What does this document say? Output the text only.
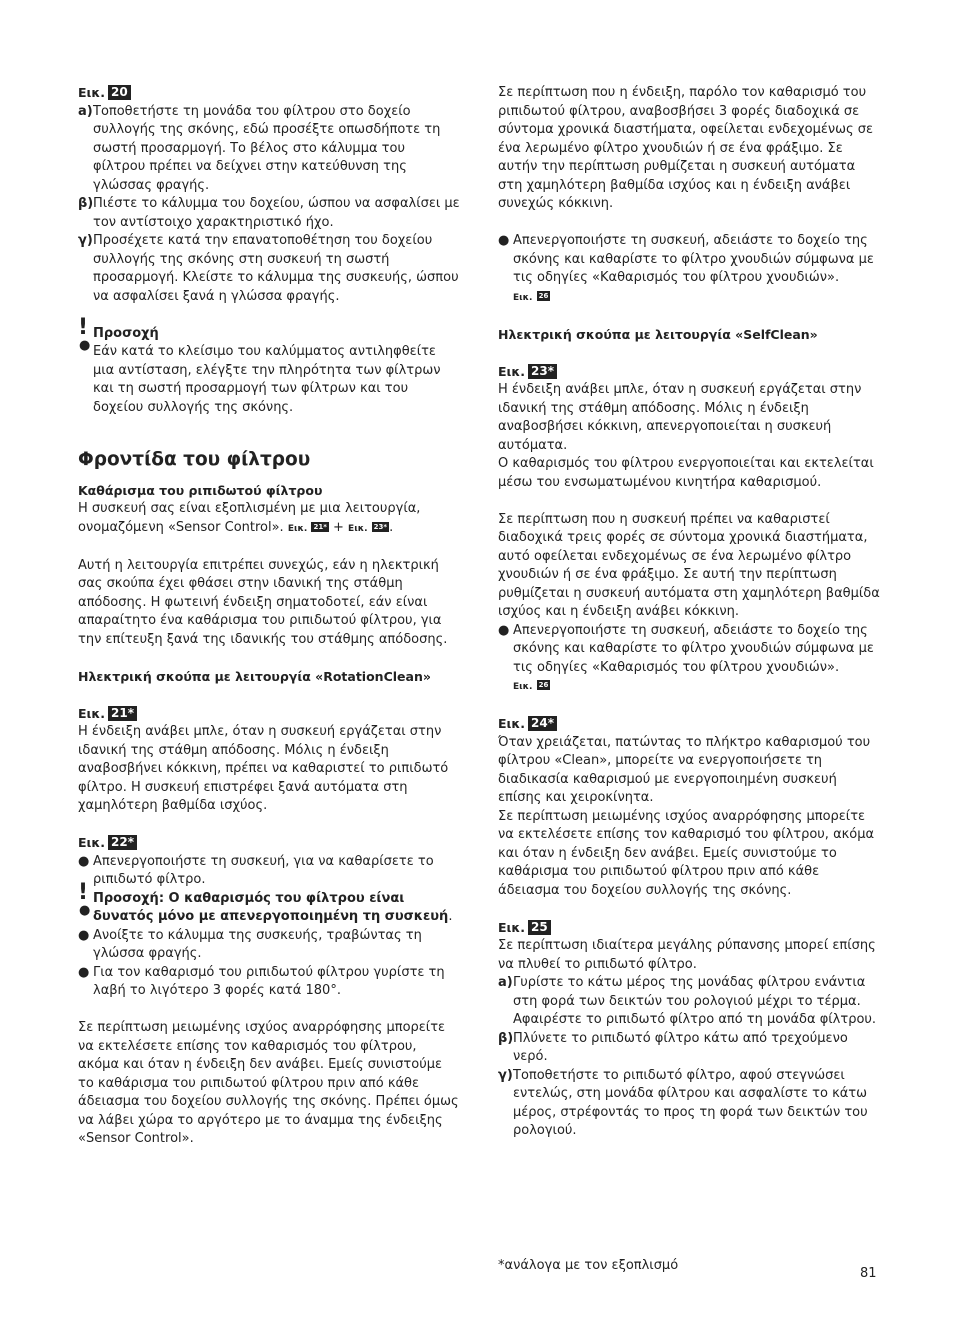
Εικ. 20

a) Τοποθετήστε τη μονάδα του φίλτρου στο δοχείο συλλογής της σκόνης, εδώ προσέξτε οπωσδήποτε τη σωστή προσαρμογή. Το βέλος στο κάλυμμα του φίλτρου πρέπει να δείχνει στην κατεύθυνση της γλώσσας φραγής.
β) Πιέστε το κάλυμμα του δοχείου, ώσπου να ασφαλίσει με τον αντίστοιχο χαρακτηριστικό ήχο.
γ) Προσέχετε κατά την επανατοποθέτηση του δοχείου συλλογής της σκόνης στη συσκευή τη σωστή προσαρμογή. Κλείστε το κάλυμμα της συσκευής, ώσπου να ασφαλίσει ξανά η γλώσσα φραγής.
!
●
Προσοχή
Εάν κατά το κλείσιμο του καλύμματος αντιληφθείτε μια αντίσταση, ελέγξτε την πληρότητα των φίλτρων και τη σωστή προσαρμογή των φίλτρων και του δοχείου συλλογής της σκόνης.

Φροντίδα του φίλτρου

Καθάρισμα του ριπιδωτού φίλτρου

Η συσκευή σας είναι εξοπλισμένη με μια λειτουργία, ονομαζόμενη «Sensor Control». Εικ. 21* + Εικ. 23* .

Αυτή η λειτουργία επιτρέπει συνεχώς, εάν η ηλεκτρική σας σκούπα έχει φθάσει στην ιδανική της στάθμη απόδοσης. Η φωτεινή ένδειξη σηματοδοτεί, εάν είναι απαραίτητο ένα καθάρισμα του ριπιδωτού φίλτρου, για την επίτευξη ξανά της ιδανικής του στάθμης απόδοσης.

Ηλεκτρική σκούπα με λειτουργία «RotationClean»

Εικ. 21*

Η ένδειξη ανάβει μπλε, όταν η συσκευή εργάζεται στην ιδανική της στάθμη απόδοσης. Μόλις η ένδειξη αναβοσβήνει κόκκινη, πρέπει να καθαριστεί το ριπιδωτό φίλτρο. Η συσκευή επιστρέφει ξανά αυτόματα στη χαμηλότερη βαθμίδα ισχύος.

Εικ. 22*

● Απενεργοποιήστε τη συσκευή, για να καθαρίσετε το ριπιδωτό φίλτρο.
!
●
Προσοχή: Ο καθαρισμός του φίλτρου είναι δυνατός μόνο με απενεργοποιημένη τη συσκευή.
● Ανοίξτε το κάλυμμα της συσκευής, τραβώντας τη γλώσσα φραγής.
● Για τον καθαρισμό του ριπιδωτού φίλτρου γυρίστε τη λαβή το λιγότερο 3 φορές κατά 180°.

Σε περίπτωση μειωμένης ισχύος αναρρόφησης μπορείτε να εκτελέσετε επίσης τον καθαρισμός του φίλτρου, ακόμα και όταν η ένδειξη δεν ανάβει. Εμείς συνιστούμε το καθάρισμα του ριπιδωτού φίλτρου πριν από κάθε άδειασμα του δοχείου συλλογής της σκόνης. Πρέπει όμως να λάβει χώρα το αργότερο με το άναμμα της ένδειξης «Sensor Control».

Σε περίπτωση που η ένδειξη, παρόλο τον καθαρισμό του ριπιδωτού φίλτρου, αναβοσβήσει 3 φορές διαδοχικά σε σύντομα χρονικά διαστήματα, οφείλεται ενδεχομένως σε ένα λερωμένο φίλτρο χνουδιών ή σε ένα φράξιμο. Σε αυτήν την περίπτωση ρυθμίζεται η συσκευή αυτόματα στη χαμηλότερη βαθμίδα ισχύος και η ένδειξη ανάβει συνεχώς κόκκινη.

● Απενεργοποιήστε τη συσκευή, αδειάστε το δοχείο της σκόνης και καθαρίστε το φίλτρο χνουδιών σύμφωνα με τις οδηγίες «Καθαρισμός του φίλτρου χνουδιών».
Εικ. 26

Ηλεκτρική σκούπα με λειτουργία «SelfClean»

Εικ. 23*

Η ένδειξη ανάβει μπλε, όταν η συσκευή εργάζεται στην ιδανική της στάθμη απόδοσης. Μόλις η ένδειξη αναβοσβήσει κόκκινη, απενεργοποιείται η συσκευή αυτόματα.

Ο καθαρισμός του φίλτρου ενεργοποιείται και εκτελείται μέσω του ενσωματωμένου κινητήρα καθαρισμού.

Σε περίπτωση που η συσκευή πρέπει να καθαριστεί διαδοχικά τρεις φορές σε σύντομα χρονικά διαστήματα, αυτό οφείλεται ενδεχομένως σε ένα λερωμένο φίλτρο χνουδιών ή σε ένα φράξιμο. Σε αυτή την περίπτωση ρυθμίζεται η συσκευή αυτόματα στη χαμηλότερη βαθμίδα ισχύος και η ένδειξη ανάβει κόκκινη.

● Απενεργοποιήστε τη συσκευή, αδειάστε το δοχείο της σκόνης και καθαρίστε το φίλτρο χνουδιών σύμφωνα με τις οδηγίες «Καθαρισμός του φίλτρου χνουδιών».
Εικ. 26

Εικ. 24*

Όταν χρειάζεται, πατώντας το πλήκτρο καθαρισμού του φίλτρου «Clean», μπορείτε να ενεργοποιήσετε τη διαδικασία καθαρισμού με ενεργοποιημένη συσκευή επίσης και χειροκίνητα.

Σε περίπτωση μειωμένης ισχύος αναρρόφησης μπορείτε να εκτελέσετε επίσης τον καθαρισμό του φίλτρου, ακόμα και όταν η ένδειξη δεν ανάβει. Εμείς συνιστούμε το καθάρισμα του ριπιδωτού φίλτρου πριν από κάθε άδειασμα του δοχείου συλλογής της σκόνης.

Εικ. 25

Σε περίπτωση ιδιαίτερα μεγάλης ρύπανσης μπορεί επίσης να πλυθεί το ριπιδωτό φίλτρο.

a) Γυρίστε το κάτω μέρος της μονάδας φίλτρου ενάντια στη φορά των δεικτών του ρολογιού μέχρι το τέρμα. Αφαιρέστε το ριπιδωτό φίλτρο από τη μονάδα φίλτρου.
β) Πλύνετε το ριπιδωτό φίλτρο κάτω από τρεχούμενο νερό.
γ) Τοποθετήστε το ριπιδωτό φίλτρο, αφού στεγνώσει εντελώς, στη μονάδα φίλτρου και ασφαλίστε το κάτω μέρος, στρέφοντάς το προς τη φορά των δεικτών του ρολογιού.
*ανάλογα με τον εξοπλισμό
81
